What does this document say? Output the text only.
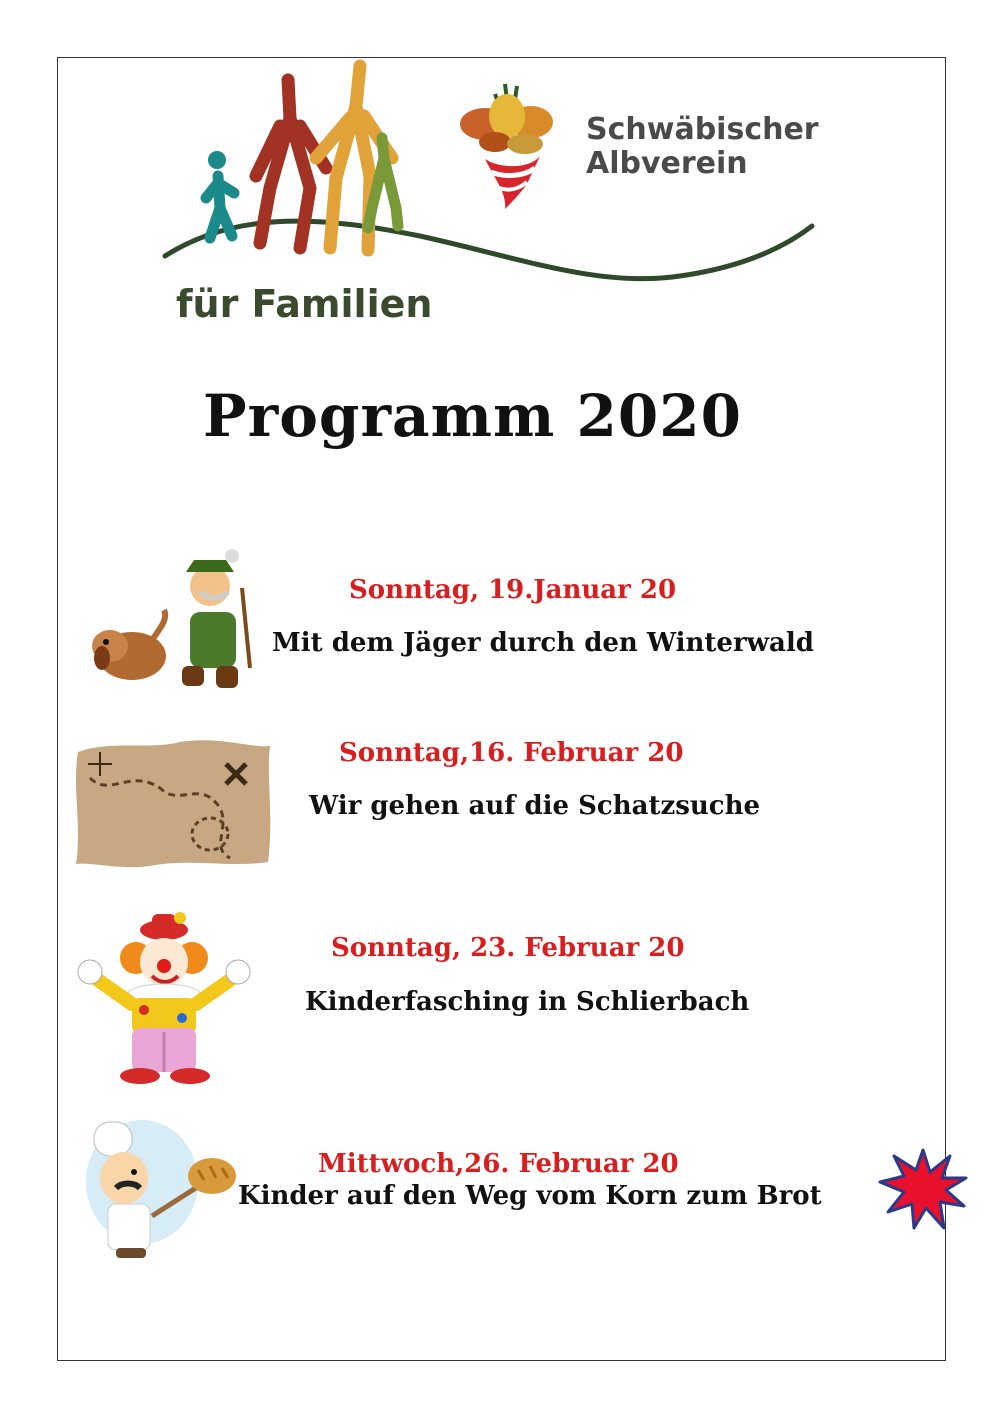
für Familien
Schwäbischer
Albverein
Programm 2020
Sonntag, 19.Januar 20
Mit dem Jäger durch den Winterwald
Sonntag,16. Februar 20
Wir gehen auf die Schatzsuche
Sonntag, 23. Februar 20
Kinderfasching in Schlierbach
Mittwoch,26. Februar 20
Kinder auf den Weg vom Korn zum Brot
